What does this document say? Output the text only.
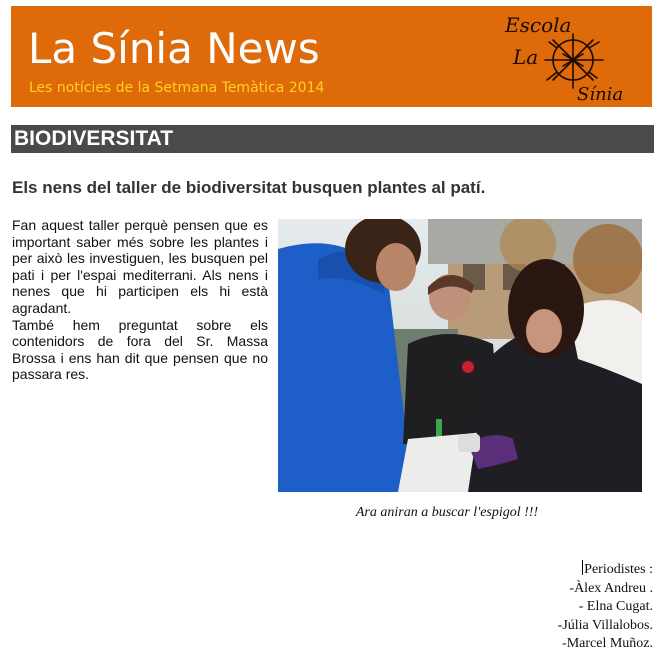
La Sínia News
Les notícies de la Setmana Temàtica 2014
Escola
La
Sínia
BIODIVERSITAT
Els nens del taller de biodiversitat busquen plantes al patí.

Fan aquest taller perquè pensen que es important saber més sobre les plantes i per això les investiguen, les busquen pel pati i per l'espai mediterrani. Als nens i nenes que hi participen els hi està agradant.

També hem preguntat sobre els contenidors de fora del Sr. Massa Brossa i ens han dit que pensen que no passara res.

Ara aniran a buscar l'espigol !!!
Periodistes :
-Àlex Andreu .
- Elna Cugat.
-Júlia Villalobos.
-Marcel Muñoz.
